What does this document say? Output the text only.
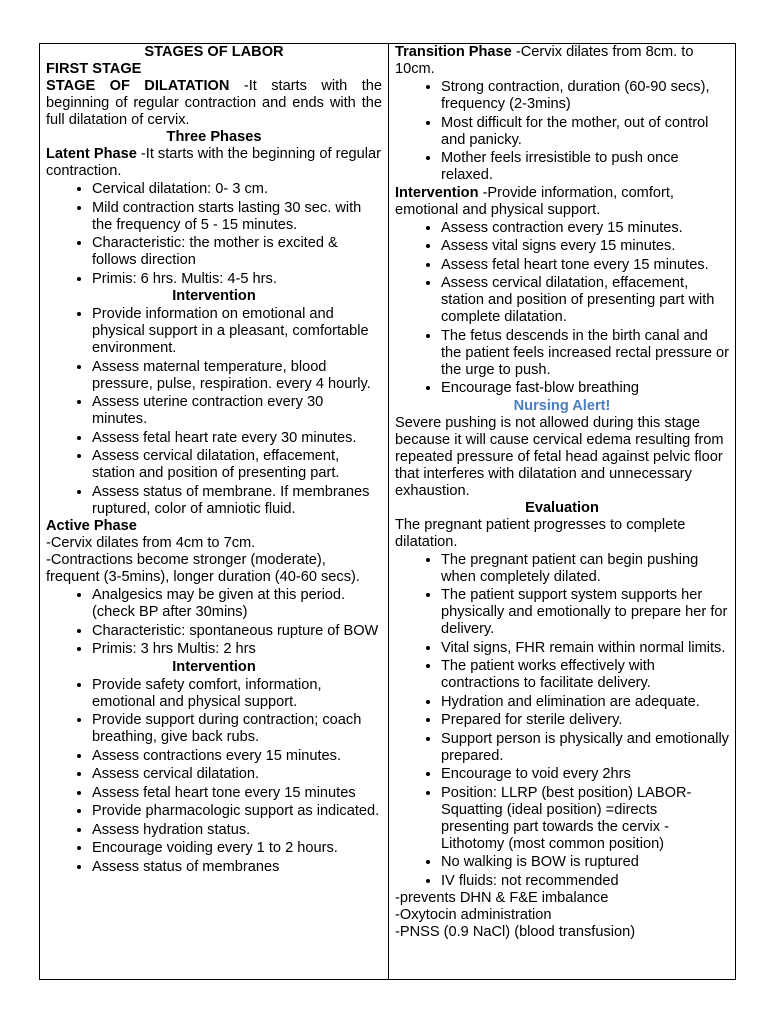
STAGES OF LABOR
FIRST STAGE

STAGE OF DILATATION -It starts with the beginning of regular contraction and ends with the full dilatation of cervix.

Three Phases

Latent Phase -It starts with the beginning of regular contraction.

• Cervical dilatation: 0- 3 cm.
• Mild contraction starts lasting 30 sec. with the frequency of 5 - 15 minutes.
• Characteristic: the mother is excited & follows direction
• Primis: 6 hrs. Multis: 4-5 hrs.
Intervention
• Provide information on emotional and physical support in a pleasant, comfortable environment.
• Assess maternal temperature, blood pressure, pulse, respiration. every 4 hourly.
• Assess uterine contraction every 30 minutes.
• Assess fetal heart rate every 30 minutes.
• Assess cervical dilatation, effacement, station and position of presenting part.
• Assess status of membrane. If membranes ruptured, color of amniotic fluid.
Active Phase
-Cervix dilates from 4cm to 7cm.
-Contractions become stronger (moderate), frequent (3-5mins), longer duration (40-60 secs).
• Analgesics may be given at this period. (check BP after 30mins)
• Characteristic: spontaneous rupture of BOW
• Primis: 3 hrs Multis: 2 hrs
Intervention
• Provide safety comfort, information, emotional and physical support.
• Provide support during contraction; coach breathing, give back rubs.
• Assess contractions every 15 minutes.
• Assess cervical dilatation.
• Assess fetal heart tone every 15 minutes
• Provide pharmacologic support as indicated.
• Assess hydration status.
• Encourage voiding every 1 to 2 hours.
• Assess status of membranes

Transition Phase -Cervix dilates from 8cm. to 10cm.

• Strong contraction, duration (60-90 secs), frequency (2-3mins)
• Most difficult for the mother, out of control and panicky.
• Mother feels irresistible to push once relaxed.

Intervention -Provide information, comfort, emotional and physical support.

• Assess contraction every 15 minutes.
• Assess vital signs every 15 minutes.
• Assess fetal heart tone every 15 minutes.
• Assess cervical dilatation, effacement, station and position of presenting part with complete dilatation.
• The fetus descends in the birth canal and the patient feels increased rectal pressure or the urge to push.
• Encourage fast-blow breathing
Nursing Alert!

Severe pushing is not allowed during this stage because it will cause cervical edema resulting from repeated pressure of fetal head against pelvic floor that interferes with dilatation and unnecessary exhaustion.

Evaluation

The pregnant patient progresses to complete dilatation.

• The pregnant patient can begin pushing when completely dilated.
• The patient support system supports her physically and emotionally to prepare her for delivery.
• Vital signs, FHR remain within normal limits.
• The patient works effectively with contractions to facilitate delivery.
• Hydration and elimination are adequate.
• Prepared for sterile delivery.
• Support person is physically and emotionally prepared.
• Encourage to void every 2hrs
• Position: LLRP (best position) LABOR- Squatting (ideal position) =directs presenting part towards the cervix - Lithotomy (most common position)
• No walking is BOW is ruptured
• IV fluids: not recommended
-prevents DHN & F&E imbalance
-Oxytocin administration
-PNSS (0.9 NaCl) (blood transfusion)
